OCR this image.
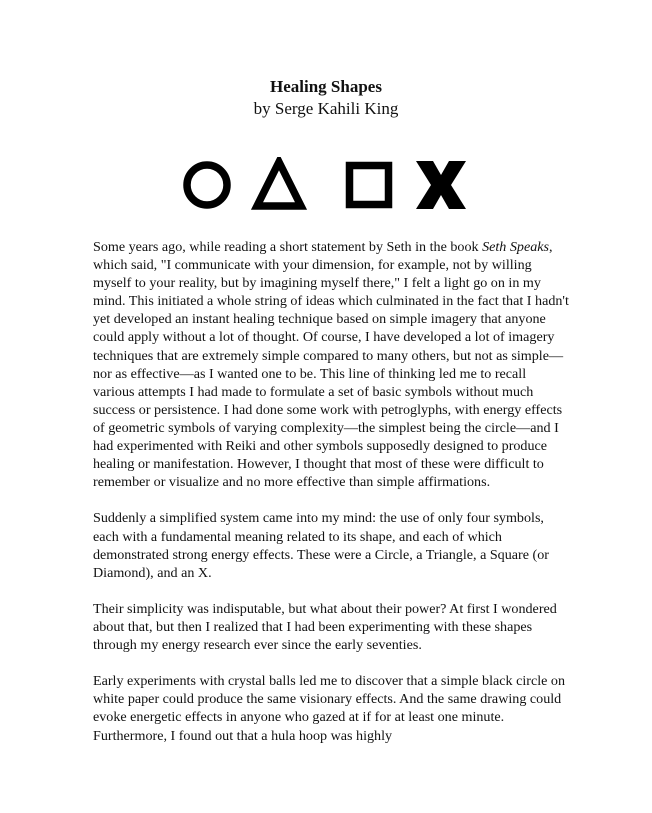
Healing Shapes
by Serge Kahili King

Some years ago, while reading a short statement by Seth in the book Seth Speaks, which said, "I communicate with your dimension, for example, not by willing myself to your reality, but by imagining myself there," I felt a light go on in my mind. This initiated a whole string of ideas which culminated in the fact that I hadn't yet developed an instant healing technique based on simple imagery that anyone could apply without a lot of thought. Of course, I have developed a lot of imagery techniques that are extremely simple compared to many others, but not as simple—nor as effective—as I wanted one to be. This line of thinking led me to recall various attempts I had made to formulate a set of basic symbols without much success or persistence. I had done some work with petroglyphs, with energy effects of geometric symbols of varying complexity—the simplest being the circle—and I had experimented with Reiki and other symbols supposedly designed to produce healing or manifestation. However, I thought that most of these were difficult to remember or visualize and no more effective than simple affirmations.

Suddenly a simplified system came into my mind: the use of only four symbols, each with a fundamental meaning related to its shape, and each of which demonstrated strong energy effects. These were a Circle, a Triangle, a Square (or Diamond), and an X.

Their simplicity was indisputable, but what about their power? At first I wondered about that, but then I realized that I had been experimenting with these shapes through my energy research ever since the early seventies.

Early experiments with crystal balls led me to discover that a simple black circle on white paper could produce the same visionary effects. And the same drawing could evoke energetic effects in anyone who gazed at if for at least one minute. Furthermore, I found out that a hula hoop was highly
